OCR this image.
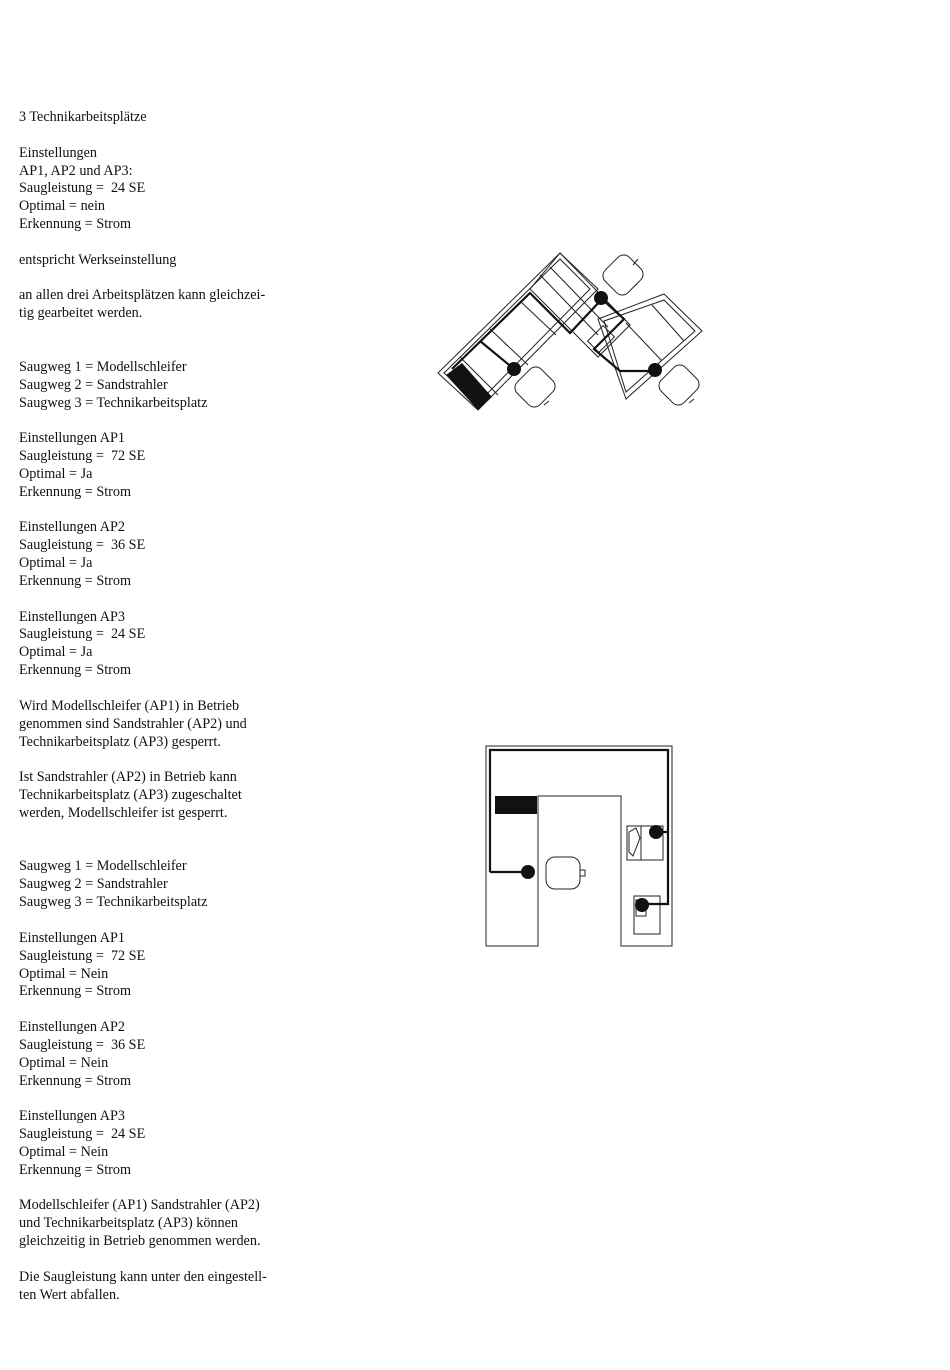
3 Technikarbeitsplätze
Einstellungen
AP1, AP2 und AP3:
Sauglеistung =  24 SE
Optimal = nein
Erkennung = Strom
entspricht Werkseinstellung
an allen drei Arbeitsplätzen kann gleichzei-
tig gearbeitet werden.
Saugweg 1 = Modellschleifer
Saugweg 2 = Sandstrahler
Saugweg 3 = Technikarbeitsplatz
Einstellungen AP1
Saugleistung =  72 SE
Optimal = Ja
Erkennung = Strom
Einstellungen AP2
Saugleistung =  36 SE
Optimal = Ja
Erkennung = Strom
Einstellungen AP3
Saugleistung =  24 SE
Optimal = Ja
Erkennung = Strom
Wird Modellschleifer (AP1) in Betrieb
genommen sind Sandstrahler (AP2) und
Technikarbeitsplatz (AP3) gesperrt.
Ist Sandstrahler (AP2) in Betrieb kann
Technikarbeitsplatz (AP3) zugeschaltet
werden, Modellschleifer ist gesperrt.
Saugweg 1 = Modellschleifer
Saugweg 2 = Sandstrahler
Saugweg 3 = Technikarbeitsplatz
Einstellungen AP1
Saugleistung =  72 SE
Optimal = Nein
Erkennung = Strom
Einstellungen AP2
Saugleistung =  36 SE
Optimal = Nein
Erkennung = Strom
Einstellungen AP3
Saugleistung =  24 SE
Optimal = Nein
Erkennung = Strom
Modellschleifer (AP1) Sandstrahler (AP2)
und Technikarbeitsplatz (AP3) können
gleichzeitig in Betrieb genommen werden.
Die Saugleistung kann unter den eingestell-
ten Wert abfallen.
